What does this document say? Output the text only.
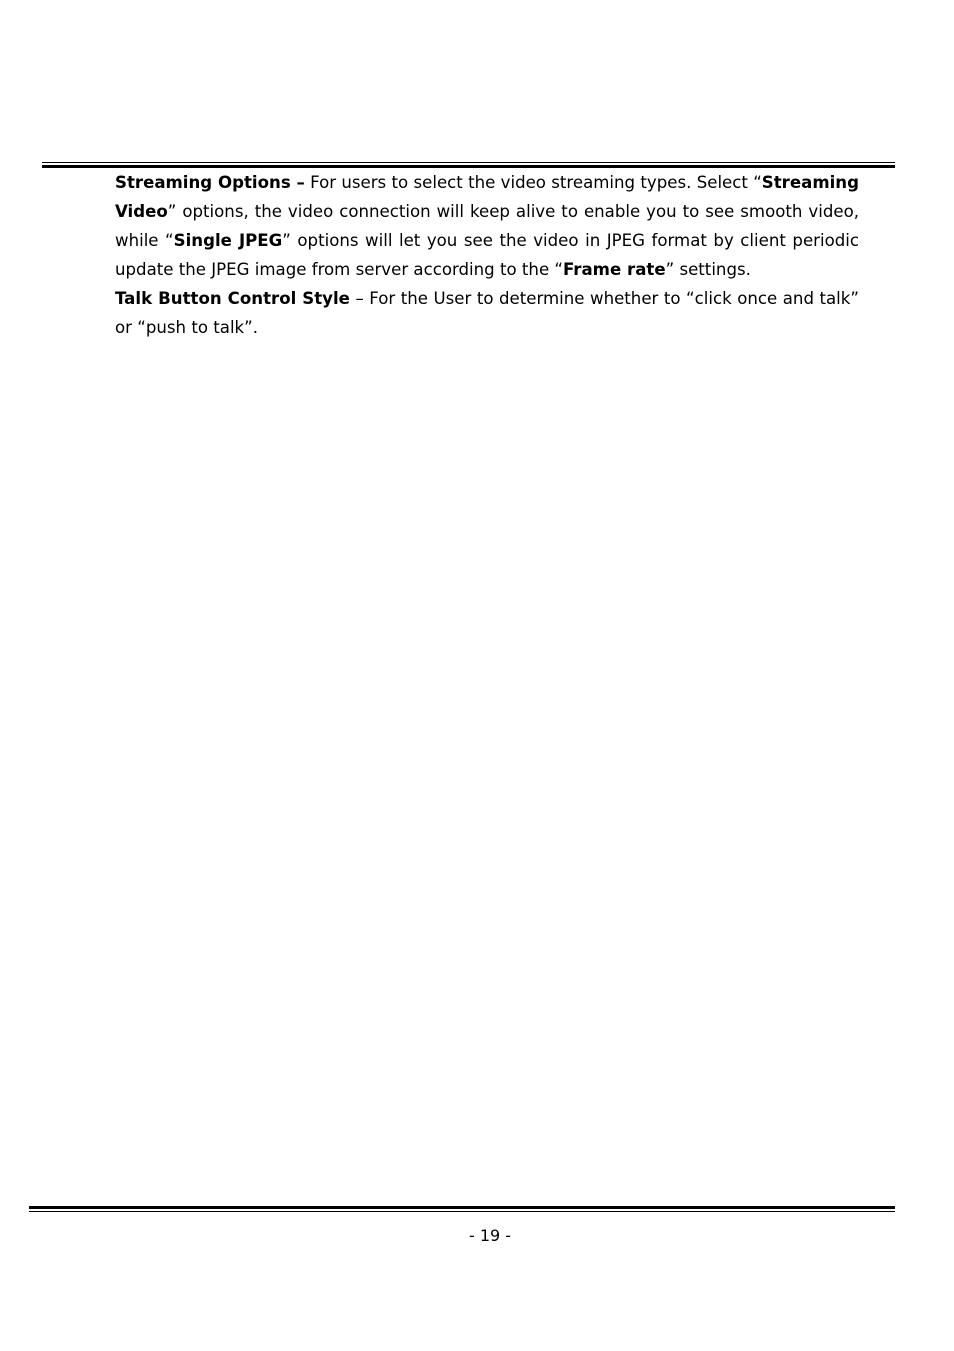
Streaming Options – For users to select the video streaming types. Select “Streaming Video” options, the video connection will keep alive to enable you to see smooth video, while “Single JPEG” options will let you see the video in JPEG format by client periodic update the JPEG image from server according to the “Frame rate” settings.

Talk Button Control Style – For the User to determine whether to “click once and talk” or “push to talk”.

- 19 -
